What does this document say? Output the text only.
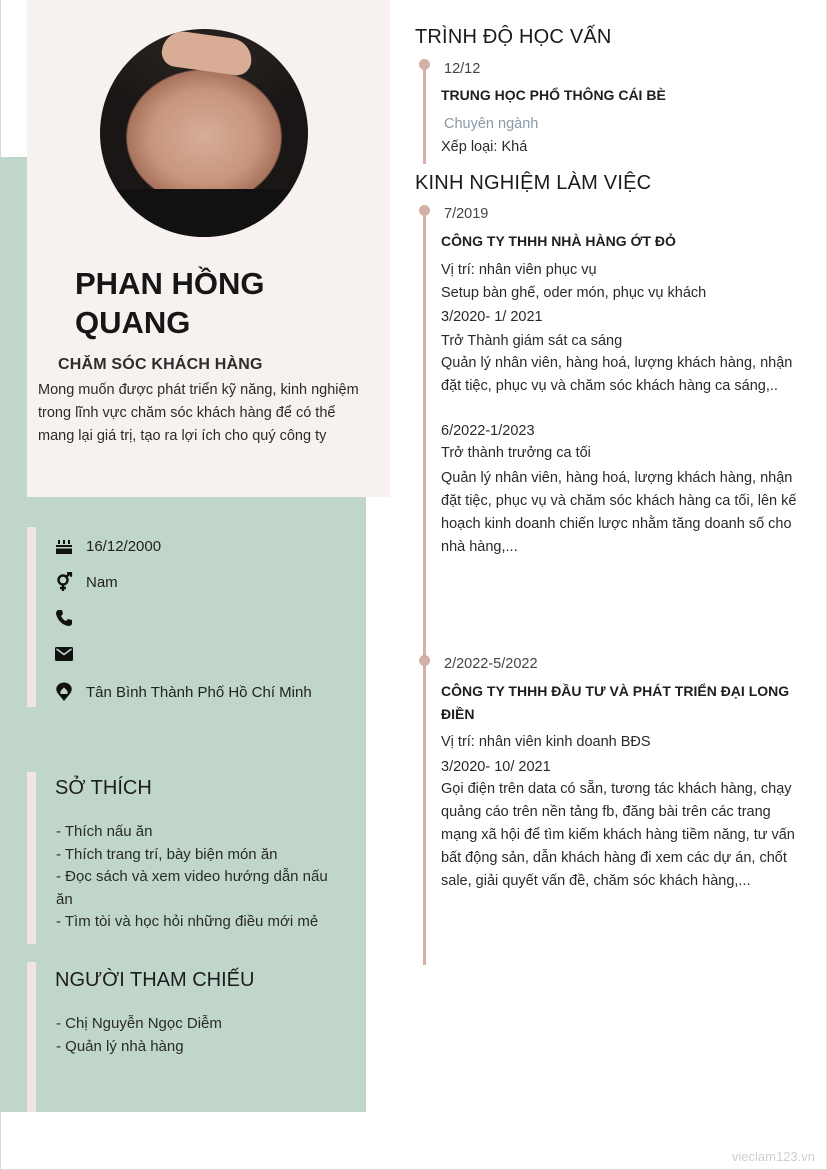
PHAN HỒNG QUANG
CHĂM SÓC KHÁCH HÀNG
Mong muốn được phát triển kỹ năng, kinh nghiệm trong lĩnh vực chăm sóc khách hàng để có thể mang lại giá trị, tạo ra lợi ích cho quý công ty
16/12/2000
Nam
Tân Bình Thành Phố Hồ Chí Minh
SỞ THÍCH
- Thích nấu ăn
- Thích trang trí, bày biện món ăn
- Đọc sách và xem video hướng dẫn nấu ăn
- Tìm tòi và học hỏi những điều mới mẻ
NGƯỜI THAM CHIẾU
- Chị Nguyễn Ngọc Diễm
- Quản lý nhà hàng
TRÌNH ĐỘ HỌC VẤN
12/12
TRUNG HỌC PHỔ THÔNG CÁI BÈ
Chuyên ngành
Xếp loại: Khá
KINH NGHIỆM LÀM VIỆC
7/2019
CÔNG TY THHH NHÀ HÀNG ỚT ĐỎ
Vị trí: nhân viên phục vụ
Setup bàn ghế, oder món, phục vụ khách
3/2020- 1/ 2021
Trở Thành giám sát ca sáng
Quản lý nhân viên, hàng hoá, lượng khách hàng, nhận đặt tiệc, phục vụ và chăm sóc khách hàng ca sáng,..
6/2022-1/2023
Trở thành trưởng ca tối
Quản lý nhân viên, hàng hoá, lượng khách hàng, nhận đặt tiệc, phục vụ và chăm sóc khách hàng ca tối, lên kế hoạch kinh doanh chiến lược nhằm tăng doanh số cho nhà hàng,...
2/2022-5/2022
CÔNG TY THHH ĐẦU TƯ VÀ PHÁT TRIỂN ĐẠI LONG ĐIỀN
Vị trí: nhân viên kinh doanh BĐS
3/2020- 10/ 2021
Gọi điện trên data có sẵn, tương tác khách hàng, chạy quảng cáo trên nền tảng fb, đăng bài trên các trang mạng xã hội để tìm kiếm khách hàng tiềm năng, tư vấn bất động sản, dẫn khách hàng đi xem các dự án, chốt sale, giải quyết vấn đề, chăm sóc khách hàng,...
vieclam123.vn
